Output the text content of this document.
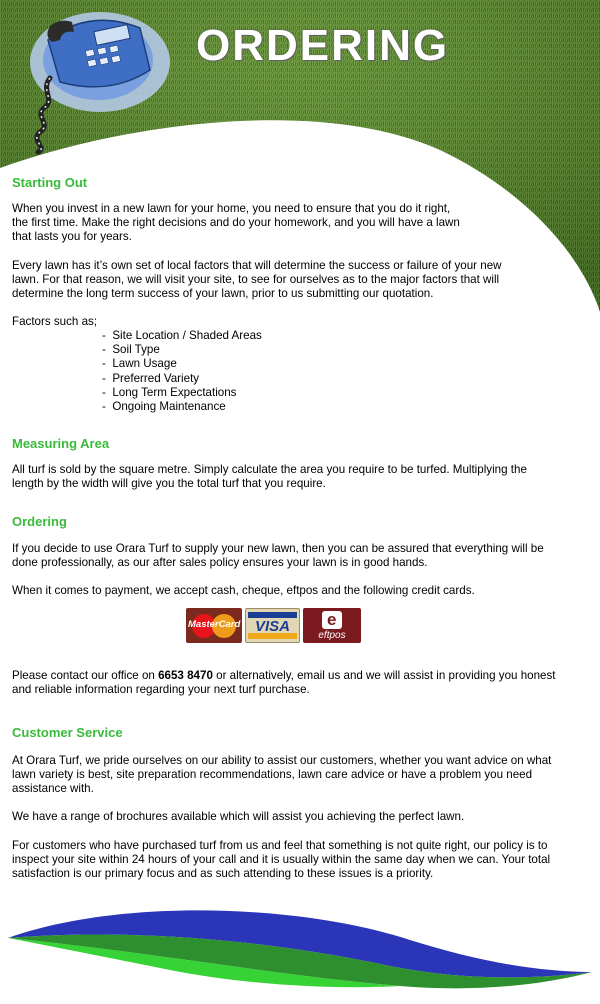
ORDERING
Starting Out

When you invest in a new lawn for your home, you need to ensure that you do it right,
the first time. Make the right decisions and do your homework, and you will have a lawn
that lasts you for years.

Every lawn has it’s own set of local factors that will determine the success or failure of your new
lawn. For that reason, we will visit your site, to see for ourselves as to the major factors that will
determine the long term success of your lawn, prior to us submitting our quotation.

Factors such as;

- Site Location / Shaded Areas
- Soil Type
- Lawn Usage
- Preferred Variety
- Long Term Expectations
- Ongoing Maintenance
Measuring Area

All turf is sold by the square metre. Simply calculate the area you require to be turfed. Multiplying the
length by the width will give you the total turf that you require.

Ordering

If you decide to use Orara Turf to supply your new lawn, then you can be assured that everything will be
done professionally, as our after sales policy ensures your lawn is in good hands.

When it comes to payment, we accept cash, cheque, eftpos and the following credit cards.

MasterCard VISA	e
eftpos

Please contact our office on 6653 8470 or alternatively, email us and we will assist in providing you honest
and reliable information regarding your next turf purchase.

Customer Service

At Orara Turf, we pride ourselves on our ability to assist our customers, whether you want advice on what
lawn variety is best, site preparation recommendations, lawn care advice or have a problem you need
assistance with.

We have a range of brochures available which will assist you achieving the perfect lawn.

For customers who have purchased turf from us and feel that something is not quite right, our policy is to
inspect your site within 24 hours of your call and it is usually within the same day when we can. Your total
satisfaction is our primary focus and as such attending to these issues is a priority.
